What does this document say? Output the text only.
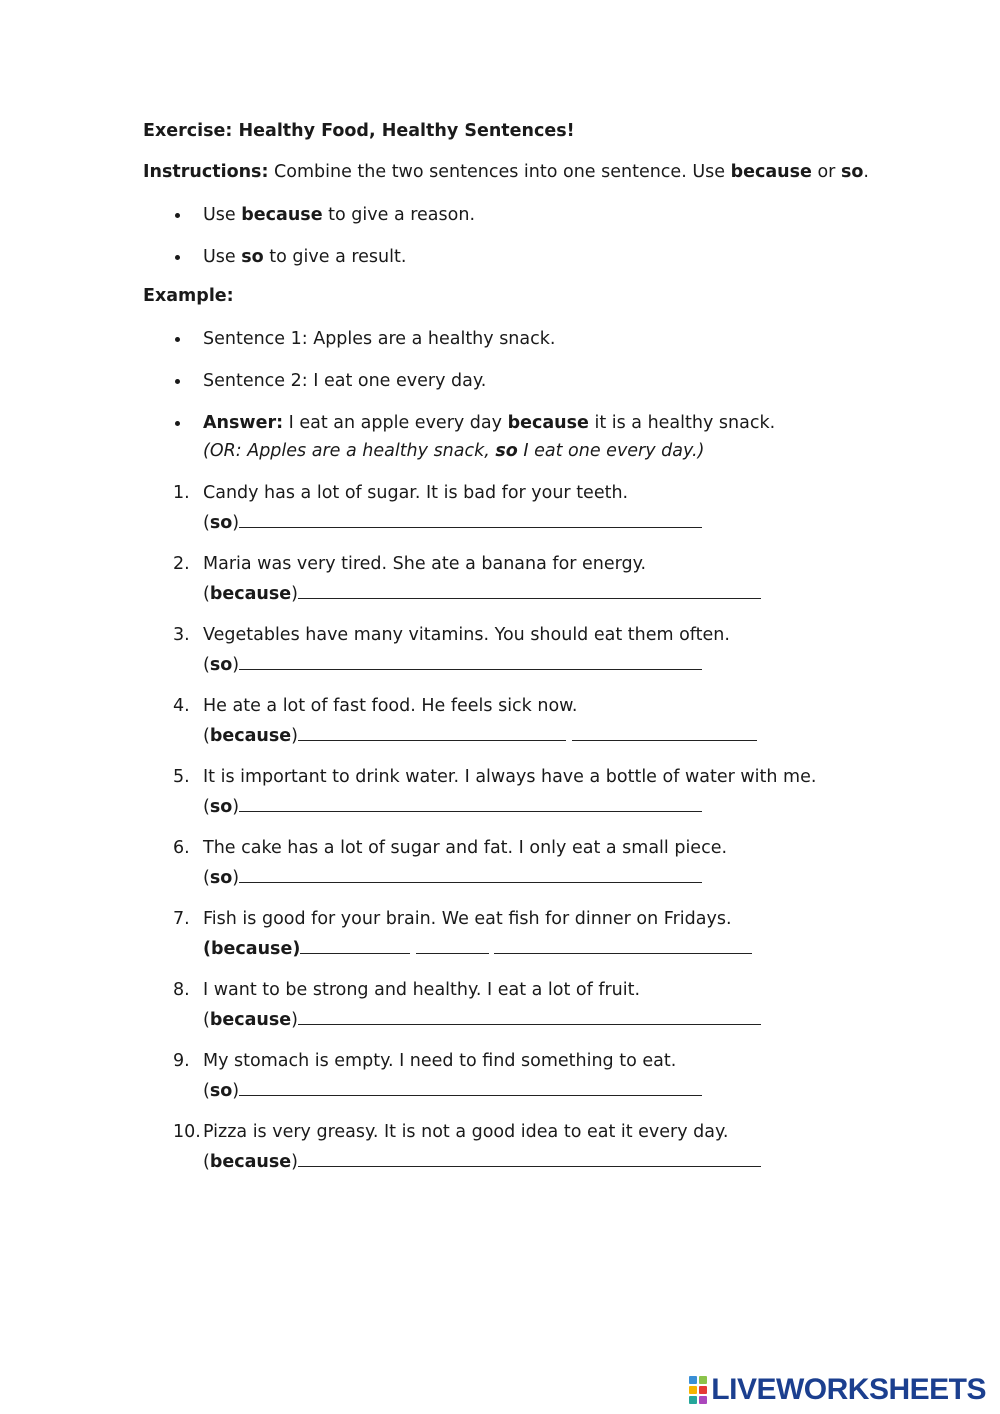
Exercise: Healthy Food, Healthy Sentences!

Instructions: Combine the two sentences into one sentence. Use because or so.

Use because to give a reason.
Use so to give a result.

Example:

Sentence 1: Apples are a healthy snack.
Sentence 2: I eat one every day.
Answer: I eat an apple every day because it is a healthy snack.
(OR: Apples are a healthy snack, so I eat one every day.)
1. Candy has a lot of sugar. It is bad for your teeth.
(so)
2. Maria was very tired. She ate a banana for energy.
(because)
3. Vegetables have many vitamins. You should eat them often.
(so)
4. He ate a lot of fast food. He feels sick now.
(because)
5. It is important to drink water. I always have a bottle of water with me.
(so)
6. The cake has a lot of sugar and fat. I only eat a small piece.
(so)
7. Fish is good for your brain. We eat fish for dinner on Fridays.
(because)
8. I want to be strong and healthy. I eat a lot of fruit.
(because)
9. My stomach is empty. I need to find something to eat.
(so)
10. Pizza is very greasy. It is not a good idea to eat it every day.
(because)
LIVEWORKSHEETS
